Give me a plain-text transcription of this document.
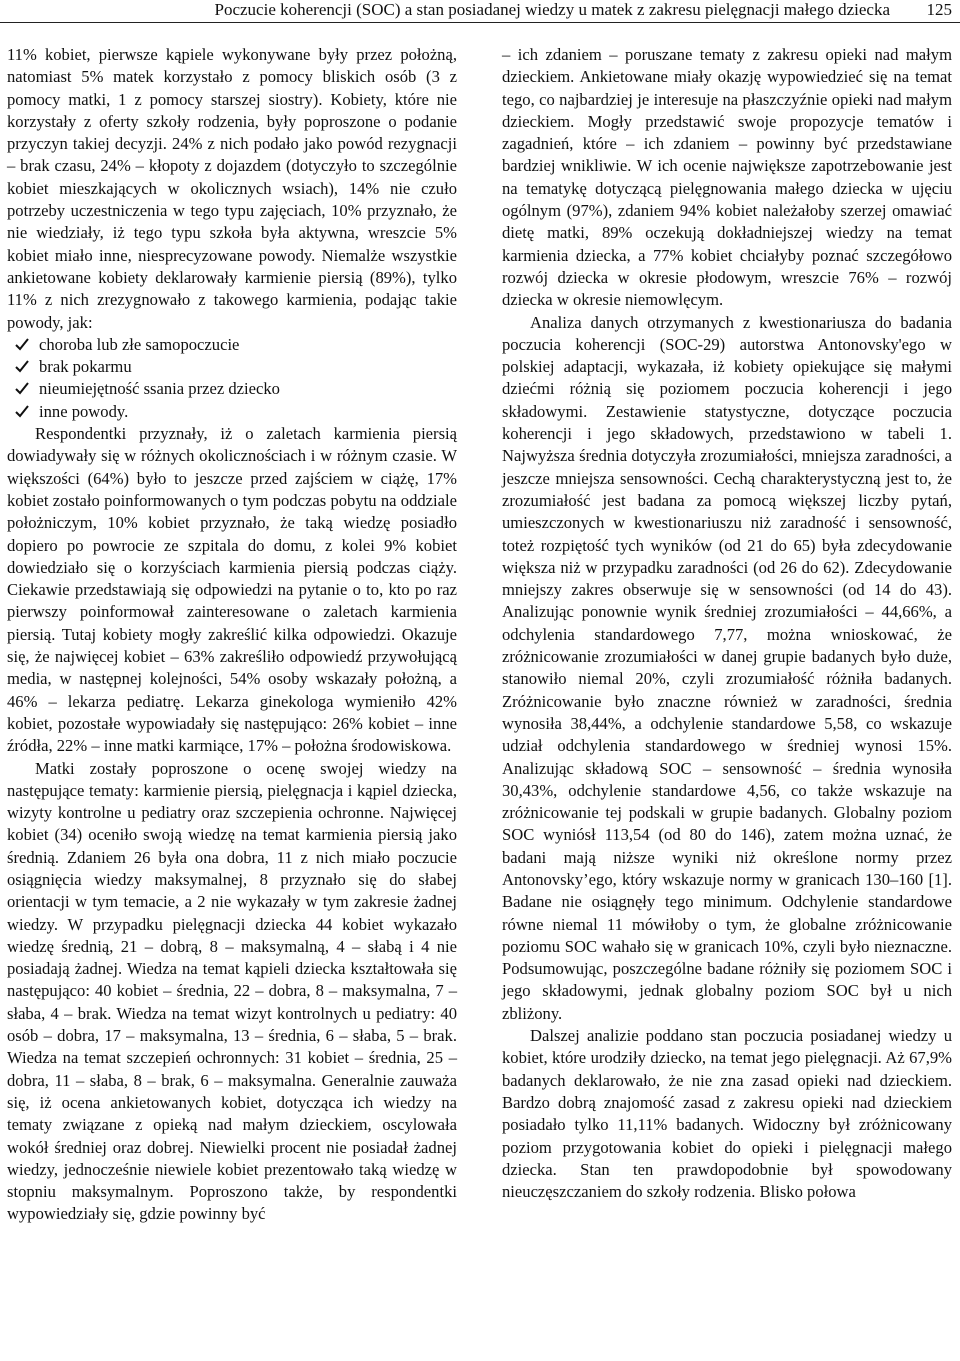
Poczucie koherencji (SOC) a stan posiadanej wiedzy u matek z zakresu pielęgnacji małego dziecka 125

11% kobiet, pierwsze kąpiele wykonywane były przez położną, natomiast 5% matek korzystało z pomocy bliskich osób (3 z pomocy matki, 1 z pomocy starszej siostry). Kobiety, które nie korzystały z oferty szkoły rodzenia, były poproszone o podanie przyczyn takiej decyzji. 24% z nich podało jako powód rezygnacji – brak czasu, 24% – kłopoty z dojazdem (dotyczyło to szczególnie kobiet mieszkających w okolicznych wsiach), 14% nie czuło potrzeby uczestniczenia w tego typu zajęciach, 10% przyznało, że nie wiedziały, iż tego typu szkoła była aktywna, wreszcie 5% kobiet miało inne, niesprecyzowane powody. Niemalże wszystkie ankietowane kobiety deklarowały karmienie piersią (89%), tylko 11% z nich zrezygnowało z takowego karmienia, podając takie powody, jak:

choroba lub złe samopoczucie
brak pokarmu
nieumiejętność ssania przez dziecko
inne powody.

Respondentki przyznały, iż o zaletach karmienia piersią dowiadywały się w różnych okolicznościach i w różnym czasie. W większości (64%) było to jeszcze przed zajściem w ciążę, 17% kobiet zostało poinformowanych o tym podczas pobytu na oddziale położniczym, 10% kobiet przyznało, że taką wiedzę posiadło dopiero po powrocie ze szpitala do domu, z kolei 9% kobiet dowiedziało się o korzyściach karmienia piersią podczas ciąży. Ciekawie przedstawiają się odpowiedzi na pytanie o to, kto po raz pierwszy poinformował zainteresowane o zaletach karmienia piersią. Tutaj kobiety mogły zakreślić kilka odpowiedzi. Okazuje się, że najwięcej kobiet – 63% zakreśliło odpowiedź przywołującą media, w następnej kolejności, 54% osoby wskazały położną, a 46% – lekarza pediatrę. Lekarza ginekologa wymieniło 42% kobiet, pozostałe wypowiadały się następująco: 26% kobiet – inne źródła, 22% – inne matki karmiące, 17% – położna środowiskowa.

Matki zostały poproszone o ocenę swojej wiedzy na następujące tematy: karmienie piersią, pielęgnacja i kąpiel dziecka, wizyty kontrolne u pediatry oraz szczepienia ochronne. Najwięcej kobiet (34) oceniło swoją wiedzę na temat karmienia piersią jako średnią. Zdaniem 26 była ona dobra, 11 z nich miało poczucie osiągnięcia wiedzy maksymalnej, 8 przyznało się do słabej orientacji w tym temacie, a 2 nie wykazały w tym zakresie żadnej wiedzy. W przypadku pielęgnacji dziecka 44 kobiet wykazało wiedzę średnią, 21 – dobrą, 8 – maksymalną, 4 – słabą i 4 nie posiadają żadnej. Wiedza na temat kąpieli dziecka kształtowała się następująco: 40 kobiet – średnia, 22 – dobra, 8 – maksymalna, 7 – słaba, 4 – brak. Wiedza na temat wizyt kontrolnych u pediatry: 40 osób – dobra, 17 – maksymalna, 13 – średnia, 6 – słaba, 5 – brak. Wiedza na temat szczepień ochronnych: 31 kobiet – średnia, 25 – dobra, 11 – słaba, 8 – brak, 6 – maksymalna. Generalnie zauważa się, iż ocena ankietowanych kobiet, dotycząca ich wiedzy na tematy związane z opieką nad małym dzieckiem, oscylowała wokół średniej oraz dobrej. Niewielki procent nie posiadał żadnej wiedzy, jednocześnie niewiele kobiet prezentowało taką wiedzę w stopniu maksymalnym. Poproszono także, by respondentki wypowiedziały się, gdzie powinny być

– ich zdaniem – poruszane tematy z zakresu opieki nad małym dzieckiem. Ankietowane miały okazję wypowiedzieć się na temat tego, co najbardziej je interesuje na płaszczyźnie opieki nad małym dzieckiem. Mogły przedstawić swoje propozycje tematów i zagadnień, które – ich zdaniem – powinny być przedstawiane bardziej wnikliwie. W ich ocenie największe zapotrzebowanie jest na tematykę dotyczącą pielęgnowania małego dziecka w ujęciu ogólnym (97%), zdaniem 94% kobiet należałoby szerzej omawiać dietę matki, 89% oczekują dokładniejszej wiedzy na temat karmienia dziecka, a 77% kobiet chciałyby poznać szczegółowo rozwój dziecka w okresie płodowym, wreszcie 76% – rozwój dziecka w okresie niemowlęcym.

Analiza danych otrzymanych z kwestionariusza do badania poczucia koherencji (SOC-29) autorstwa Antonovsky'ego w polskiej adaptacji, wykazała, iż kobiety opiekujące się małymi dziećmi różnią się poziomem poczucia koherencji i jego składowymi. Zestawienie statystyczne, dotyczące poczucia koherencji i jego składowych, przedstawiono w tabeli 1. Najwyższa średnia dotyczyła zrozumiałości, mniejsza zaradności, a jeszcze mniejsza sensowności. Cechą charakterystyczną jest to, że zrozumiałość jest badana za pomocą większej liczby pytań, umieszczonych w kwestionariuszu niż zaradność i sensowność, toteż rozpiętość tych wyników (od 21 do 65) była zdecydowanie większa niż w przypadku zaradności (od 26 do 62). Zdecydowanie mniejszy zakres obserwuje się w sensowności (od 14 do 43). Analizując ponownie wynik średniej zrozumiałości – 44,66%, a odchylenia standardowego 7,77, można wnioskować, że zróżnicowanie zrozumiałości w danej grupie badanych było duże, stanowiło niemal 20%, czyli zrozumiałość różniła badanych. Zróżnicowanie było znaczne również w zaradności, średnia wynosiła 38,44%, a odchylenie standardowe 5,58, co wskazuje udział odchylenia standardowego w średniej wynosi 15%. Analizując składową SOC – sensowność – średnia wynosiła 30,43%, odchylenie standardowe 4,56, co także wskazuje na zróżnicowanie tej podskali w grupie badanych. Globalny poziom SOC wyniósł 113,54 (od 80 do 146), zatem można uznać, że badani mają niższe wyniki niż określone normy przez Antonovsky’ego, który wskazuje normy w granicach 130–160 [1]. Badane nie osiągnęły tego minimum. Odchylenie standardowe równe niemal 11 mówiłoby o tym, że globalne zróżnicowanie poziomu SOC wahało się w granicach 10%, czyli było nieznaczne. Podsumowując, poszczególne badane różniły się poziomem SOC i jego składowymi, jednak globalny poziom SOC był u nich zbliżony.

Dalszej analizie poddano stan poczucia posiadanej wiedzy u kobiet, które urodziły dziecko, na temat jego pielęgnacji. Aż 67,9% badanych deklarowało, że nie zna zasad opieki nad dzieckiem. Bardzo dobrą znajomość zasad z zakresu opieki nad dzieckiem posiadało tylko 11,11% badanych. Widoczny był zróżnicowany poziom przygotowania kobiet do opieki i pielęgnacji małego dziecka. Stan ten prawdopodobnie był spowodowany nieuczęszczaniem do szkoły rodzenia. Blisko połowa
